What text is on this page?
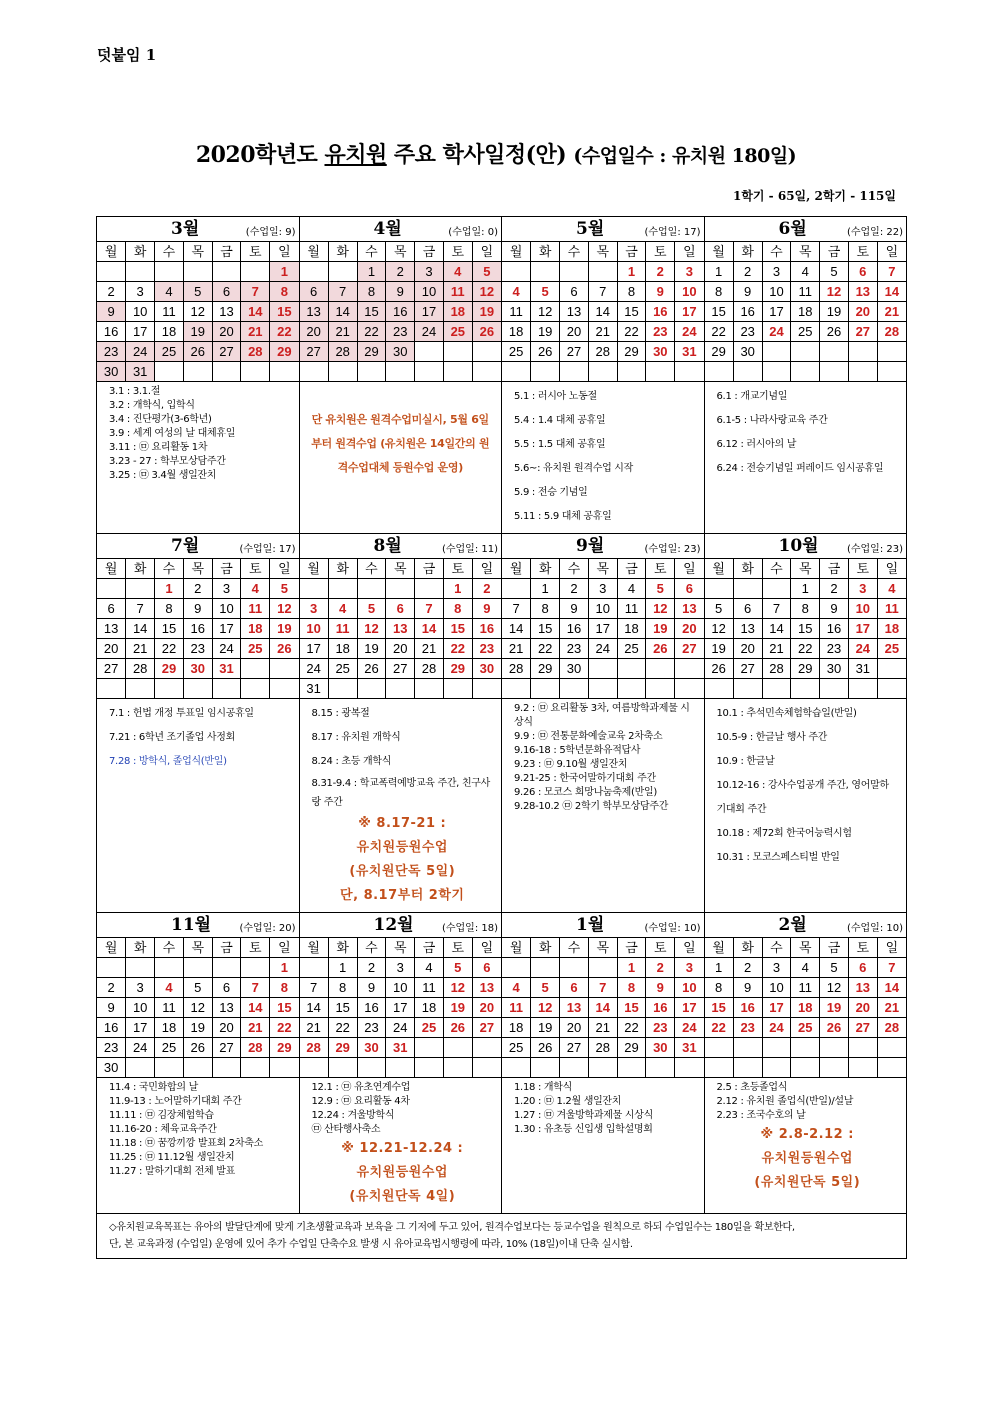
덧붙임 1
2020학년도 유치원 주요 학사일정(안) (수업일수 : 유치원 180일)
1학기 - 65일, 2학기 - 115일
3월	(수업일: 9)
월	화	수	목	금	토	일
						1
2	3	4	5	6	7	8
9	10	11	12	13	14	15
16	17	18	19	20	21	22
23	24	25	26	27	28	29
30	31					
3.1 : 3.1.절
3.2 : 개학식, 입학식
3.4 : 진단평가(3-6학년)
3.9 : 세계 여성의 날 대체휴일
3.11 : ㉤ 요리활동 1차
3.23 - 27 : 학부모상담주간
3.25 : ㉤ 3.4월 생일잔치
4월	(수업일: 0)
월	화	수	목	금	토	일
		1	2	3	4	5
6	7	8	9	10	11	12
13	14	15	16	17	18	19
20	21	22	23	24	25	26
27	28	29	30			

단 유치원은 원격수업미실시, 5월 6일부터 원격수업 (유치원은 14일간의 원격수업대체 등원수업 운영)
5월	(수업일: 17)
월	화	수	목	금	토	일
				1	2	3
4	5	6	7	8	9	10
11	12	13	14	15	16	17
18	19	20	21	22	23	24
25	26	27	28	29	30	31

5.1 : 러시아 노동절
5.4 : 1.4 대체 공휴일
5.5 : 1.5 대체 공휴일
5.6~: 유치원 원격수업 시작
5.9 : 전승 기념일
5.11 : 5.9 대체 공휴일
6월	(수업일: 22)
월	화	수	목	금	토	일
1	2	3	4	5	6	7
8	9	10	11	12	13	14
15	16	17	18	19	20	21
22	23	24	25	26	27	28
29	30					

6.1 : 개교기념일
6.1-5 : 나라사랑교육 주간
6.12 : 러시아의 날
6.24 : 전승기념일 퍼레이드 임시공휴일
7월	(수업일: 17)
월	화	수	목	금	토	일
		1	2	3	4	5
6	7	8	9	10	11	12
13	14	15	16	17	18	19
20	21	22	23	24	25	26
27	28	29	30	31		

7.1 : 헌법 개정 투표일 임시공휴일
7.21 : 6학년 조기졸업 사정회
7.28 : 방학식, 졸업식(반일)
8월	(수업일: 11)
월	화	수	목	금	토	일
					1	2
3	4	5	6	7	8	9
10	11	12	13	14	15	16
17	18	19	20	21	22	23
24	25	26	27	28	29	30
31						
8.15 : 광복절
8.17 : 유치원 개학식
8.24 : 초등 개학식
8.31-9.4 : 학교폭력예방교육 주간, 친구사랑 주간
※ 8.17-21 :
유치원등원수업
(유치원단독 5일)
단, 8.17부터 2학기
9월	(수업일: 23)
월	화	수	목	금	토	일
	1	2	3	4	5	6
7	8	9	10	11	12	13
14	15	16	17	18	19	20
21	22	23	24	25	26	27
28	29	30				

9.2 : ㉤ 요리활동 3차, 여름방학과제물 시상식
9.9 : ㉤ 전통문화예술교육 2차축소
9.16-18 : 5학년문화유적답사
9.23 : ㉤ 9.10월 생일잔치
9.21-25 : 한국어말하기대회 주간
9.26 : 모코스 희망나눔축제(반일)
9.28-10.2 ㉤ 2학기 학부모상담주간
10월	(수업일: 23)
월	화	수	목	금	토	일
			1	2	3	4
5	6	7	8	9	10	11
12	13	14	15	16	17	18
19	20	21	22	23	24	25
26	27	28	29	30	31	

10.1 : 추석민속체험학습일(반일)
10.5-9 : 한글날 행사 주간
10.9 : 한글날
10.12-16 : 강사수업공개 주간, 영어말하기대회 주간
10.18 : 제72회 한국어능력시험
10.31 : 모코스페스티벌 반일
11월	(수업일: 20)
월	화	수	목	금	토	일
						1
2	3	4	5	6	7	8
9	10	11	12	13	14	15
16	17	18	19	20	21	22
23	24	25	26	27	28	29
30						
11.4 : 국민화합의 날
11.9-13 : 노어말하기대회 주간
11.11 : ㉤ 김장체험학습
11.16-20 : 체육교육주간
11.18 : ㉤ 꿈깡끼깡 발표회 2차축소
11.25 : ㉤ 11.12월 생일잔치
11.27 : 말하기대회 전체 발표
12월	(수업일: 18)
월	화	수	목	금	토	일
	1	2	3	4	5	6
7	8	9	10	11	12	13
14	15	16	17	18	19	20
21	22	23	24	25	26	27
28	29	30	31			

12.1 : ㉤ 유초연계수업
12.9 : ㉤ 요리활동 4차
12.24 : 겨울방학식
㉤ 산타행사축소
※ 12.21-12.24 :
유치원등원수업
(유치원단독 4일)
1월	(수업일: 10)
월	화	수	목	금	토	일
				1	2	3
4	5	6	7	8	9	10
11	12	13	14	15	16	17
18	19	20	21	22	23	24
25	26	27	28	29	30	31

1.18 : 개학식
1.20 : ㉤ 1.2월 생일잔치
1.27 : ㉤ 겨울방학과제물 시상식
1.30 : 유초등 신입생 입학설명회
2월	(수업일: 10)
월	화	수	목	금	토	일
1	2	3	4	5	6	7
8	9	10	11	12	13	14
15	16	17	18	19	20	21
22	23	24	25	26	27	28

2.5 : 초등졸업식
2.12 : 유치원 졸업식(반일)/설날
2.23 : 조국수호의 날
※ 2.8-2.12 :
유치원등원수업
(유치원단독 5일)
◇유치원교육목표는 유아의 발달단계에 맞게 기초생활교육과 보육을 그 기저에 두고 있어, 원격수업보다는 등교수업을 원칙으로 하되 수업일수는 180일을 확보한다,
단, 본 교육과정 (수업일) 운영에 있어 추가 수업일 단축수요 발생 시 유아교육법시행령에 따라, 10% (18일)이내 단축 실시함.
